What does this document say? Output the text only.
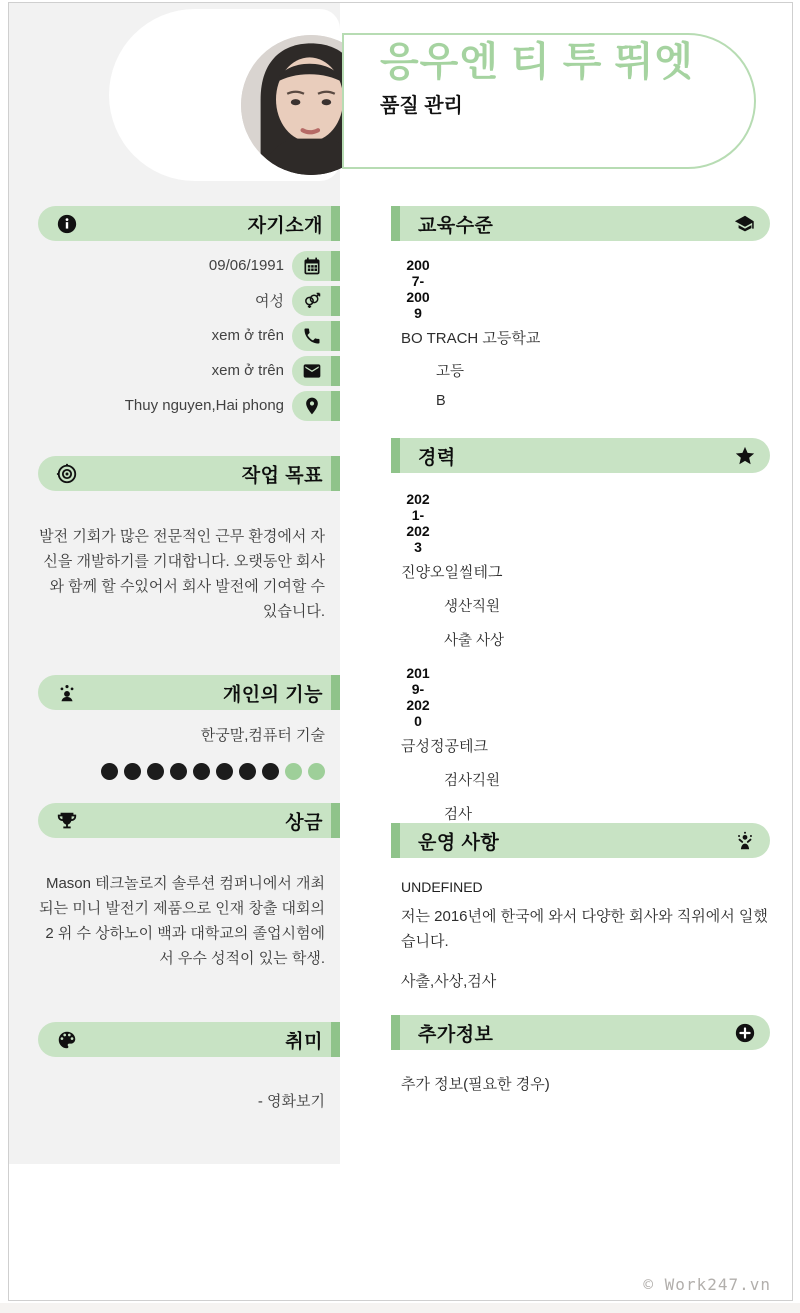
응우엔 티 투 뛰엣
품질 관리
자기소개
09/06/1991
여성
xem ở trên
xem ở trên
Thuy nguyen,Hai phong
작업 목표
발전 기회가 많은 전문적인 근무 환경에서 자신을 개발하기를 기대합니다. 오랫동안 회사와 함께 할 수있어서 회사 발전에 기여할 수 있습니다.
개인의 기능
한궁말,컴퓨터 기술
상금
Mason 테크놀로지 솔루션 컴퍼니에서 개최되는 미니 발전기 제품으로 인재 창출 대회의 2 위 수 상하노이 백과 대학교의 졸업시험에서 우수 성적이 있는 학생.
취미
- 영화보기
교육수준
2007-2009
BO TRACH 고등학교
고등
B
경력
2021-2023
진양오일씰테그
생산직원
사출 사상
2019-2020
금성정공테크
검사긱원
검사
운영 사항
UNDEFINED
저는 2016년에 한국에 와서 다양한 회사와 직위에서 일했습니다.
사출,사상,검사
추가정보
추가 정보(필요한 경우)
© Work247.vn
